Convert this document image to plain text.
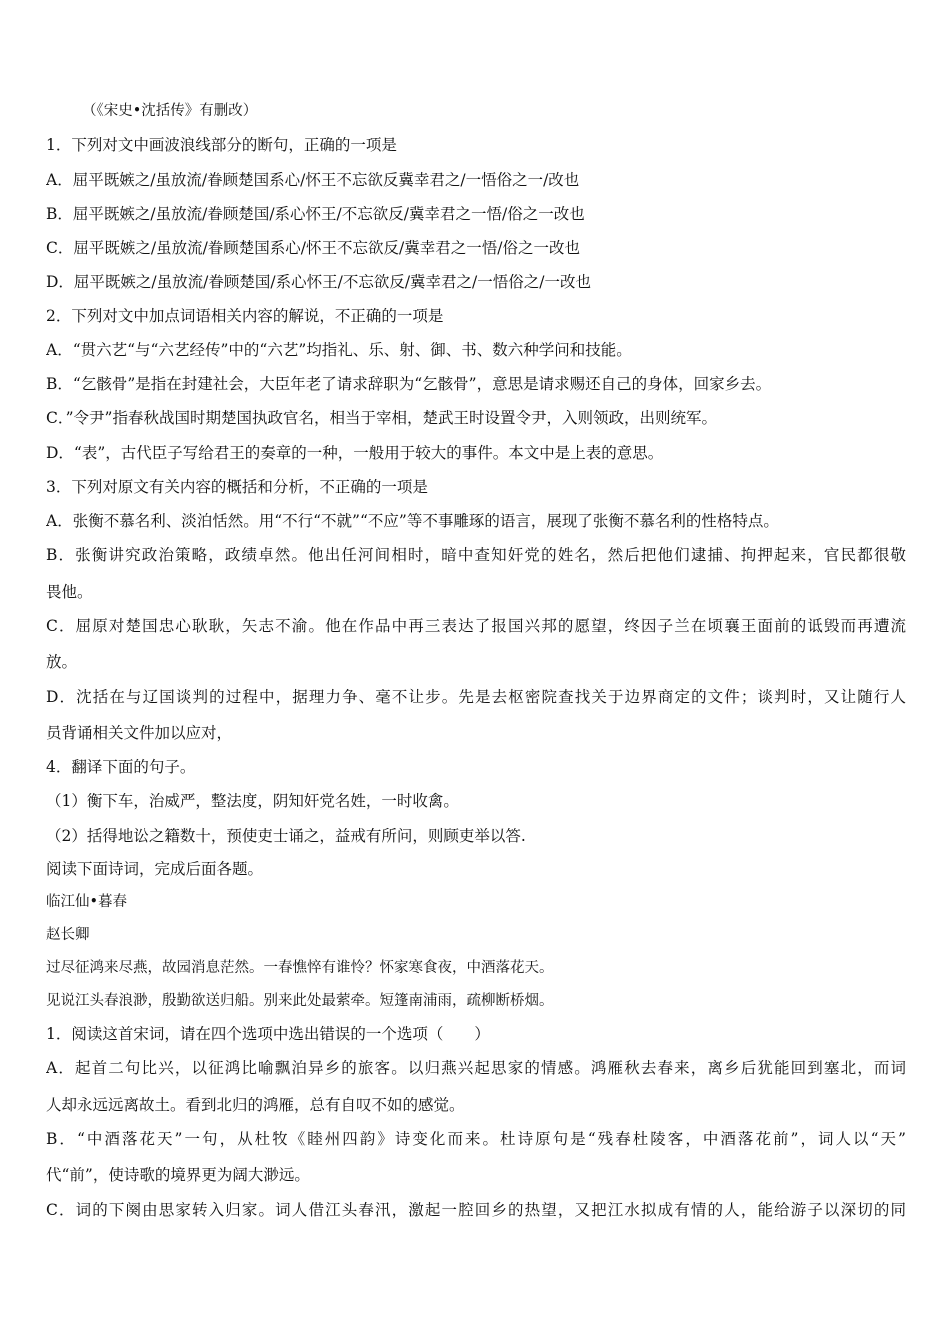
（《宋史•沈括传》有删改）
1．下列对文中画波浪线部分的断句，正确的一项是
A．屈平既嫉之/虽放流/眷顾楚国系心/怀王不忘欲反冀幸君之/一悟俗之一/改也
B．屈平既嫉之/虽放流/眷顾楚国/系心怀王/不忘欲反/冀幸君之一悟/俗之一改也
C．屈平既嫉之/虽放流/眷顾楚国系心/怀王不忘欲反/冀幸君之一悟/俗之一改也
D．屈平既嫉之/虽放流/眷顾楚国/系心怀王/不忘欲反/冀幸君之/一悟俗之/一改也
2．下列对文中加点词语相关内容的解说，不正确的一项是
A．“贯六艺“与“六艺经传”中的“六艺”均指礼、乐、射、御、书、数六种学问和技能。
B．“乞骸骨”是指在封建社会，大臣年老了请求辞职为“乞骸骨”，意思是请求赐还自己的身体，回家乡去。
C．”令尹”指春秋战国时期楚国执政官名，相当于宰相，楚武王时设置令尹，入则领政，出则统军。
D．“表”，古代臣子写给君王的奏章的一种，一般用于较大的事件。本文中是上表的意思。
3．下列对原文有关内容的概括和分析，不正确的一项是
A．张衡不慕名利、淡泊恬然。用“不行“不就”“不应”等不事雕琢的语言，展现了张衡不慕名利的性格特点。
B．张衡讲究政治策略，政绩卓然。他出任河间相时，暗中查知奸党的姓名，然后把他们逮捕、拘押起来，官民都很敬
畏他。
C．屈原对楚国忠心耿耿，矢志不渝。他在作品中再三表达了报国兴邦的愿望，终因子兰在顷襄王面前的诋毁而再遭流
放。
D．沈括在与辽国谈判的过程中，据理力争、毫不让步。先是去枢密院查找关于边界商定的文件；谈判时，又让随行人
员背诵相关文件加以应对，
4．翻译下面的句子。
（1）衡下车，治威严，整法度，阴知奸党名姓，一时收禽。
（2）括得地讼之籍数十，预使吏士诵之，益戒有所问，则顾吏举以答.
阅读下面诗词，完成后面各题。
临江仙•暮春
赵长卿
过尽征鸿来尽燕，故园消息茫然。一春憔悴有谁怜？怀家寒食夜，中酒落花天。
见说江头春浪渺，殷勤欲送归船。别来此处最萦牵。短篷南浦雨，疏柳断桥烟。
1．阅读这首宋词，请在四个选项中选出错误的一个选项（　　）
A．起首二句比兴，以征鸿比喻飘泊异乡的旅客。以归燕兴起思家的情感。鸿雁秋去春来，离乡后犹能回到塞北，而词
人却永远远离故土。看到北归的鸿雁，总有自叹不如的感觉。
B．“中酒落花天”一句，从杜牧《睦州四韵》诗变化而来。杜诗原句是“残春杜陵客，中酒落花前”，词人以“天”
代“前”，使诗歌的境界更为阔大渺远。
C．词的下阕由思家转入归家。词人借江头春汛，激起一腔回乡的热望，又把江水拟成有情的人，能给游子以深切的同
